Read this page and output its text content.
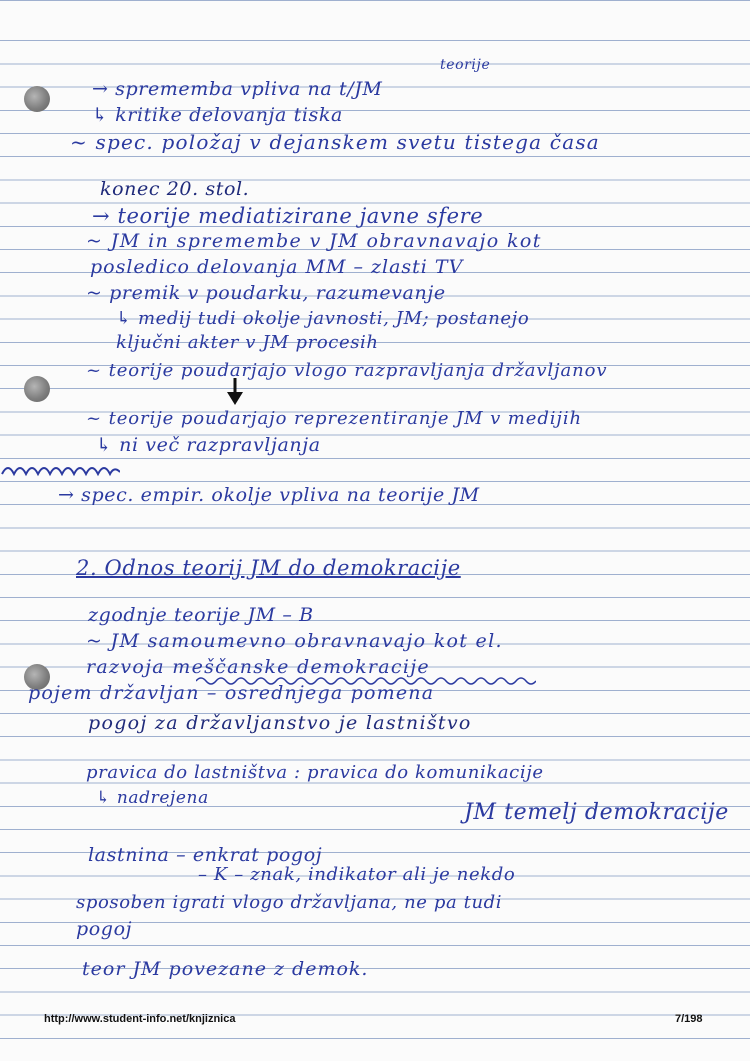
teorije
→ sprememba vpliva na t/JM
↳ kritike delovanja tiska
~ spec. položaj v dejanskem svetu tistega časa
konec 20. stol.
→ teorije mediatizirane javne sfere
~ JM in spremembe v JM obravnavajo kot
posledico delovanja MM – zlasti TV
~ premik v poudarku, razumevanje
↳ medij tudi okolje javnosti, JM; postanejo
ključni akter v JM procesih
~ teorije poudarjajo vlogo razpravljanja državljanov
~ teorije poudarjajo reprezentiranje JM v medijih
↳ ni več razpravljanja
→ spec. empir. okolje vpliva na teorije JM
2. Odnos teorij JM do demokracije
zgodnje teorije JM – B
~ JM samoumevno obravnavajo kot el.
razvoja meščanske demokracije
pojem državljan – osrednjega pomena
pogoj za državljanstvo je lastništvo
pravica do lastništva : pravica do komunikacije
↳ nadrejena
JM temelj demokracije
lastnina – enkrat pogoj
– K – znak, indikator ali je nekdo
sposoben igrati vlogo državljana, ne pa tudi
pogoj
teor JM povezane z demok.
http://www.student-info.net/knjiznica	7/198
